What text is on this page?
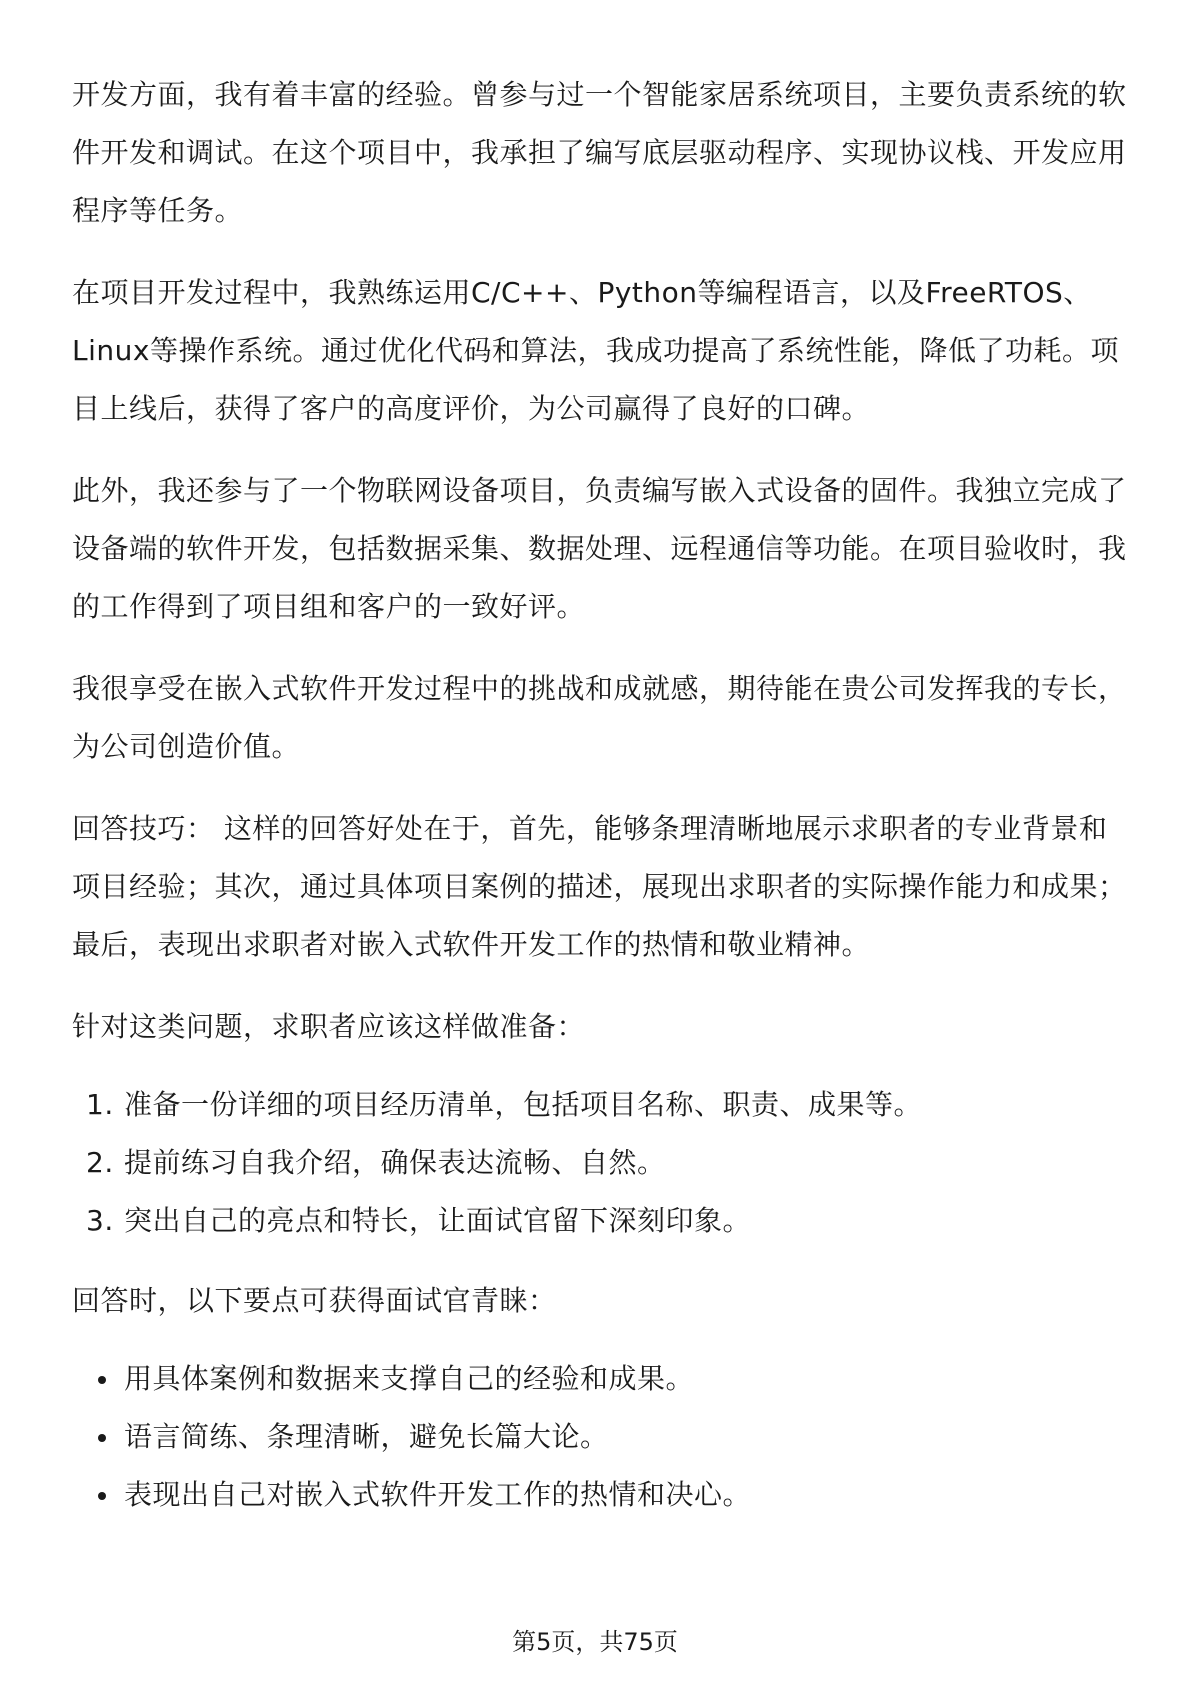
开发方面，我有着丰富的经验。曾参与过一个智能家居系统项目，主要负责系统的软件开发和调试。在这个项目中，我承担了编写底层驱动程序、实现协议栈、开发应用程序等任务。

在项目开发过程中，我熟练运用C/C++、Python等编程语言，以及FreeRTOS、Linux等操作系统。通过优化代码和算法，我成功提高了系统性能，降低了功耗。项目上线后，获得了客户的高度评价，为公司赢得了良好的口碑。

此外，我还参与了一个物联网设备项目，负责编写嵌入式设备的固件。我独立完成了设备端的软件开发，包括数据采集、数据处理、远程通信等功能。在项目验收时，我的工作得到了项目组和客户的一致好评。

我很享受在嵌入式软件开发过程中的挑战和成就感，期待能在贵公司发挥我的专长，为公司创造价值。

回答技巧： 这样的回答好处在于，首先，能够条理清晰地展示求职者的专业背景和项目经验；其次，通过具体项目案例的描述，展现出求职者的实际操作能力和成果；最后，表现出求职者对嵌入式软件开发工作的热情和敬业精神。

针对这类问题，求职者应该这样做准备：

1. 准备一份详细的项目经历清单，包括项目名称、职责、成果等。
2. 提前练习自我介绍，确保表达流畅、自然。
3. 突出自己的亮点和特长，让面试官留下深刻印象。

回答时，以下要点可获得面试官青睐：

用具体案例和数据来支撑自己的经验和成果。
语言简练、条理清晰，避免长篇大论。
表现出自己对嵌入式软件开发工作的热情和决心。
第5页，共75页
